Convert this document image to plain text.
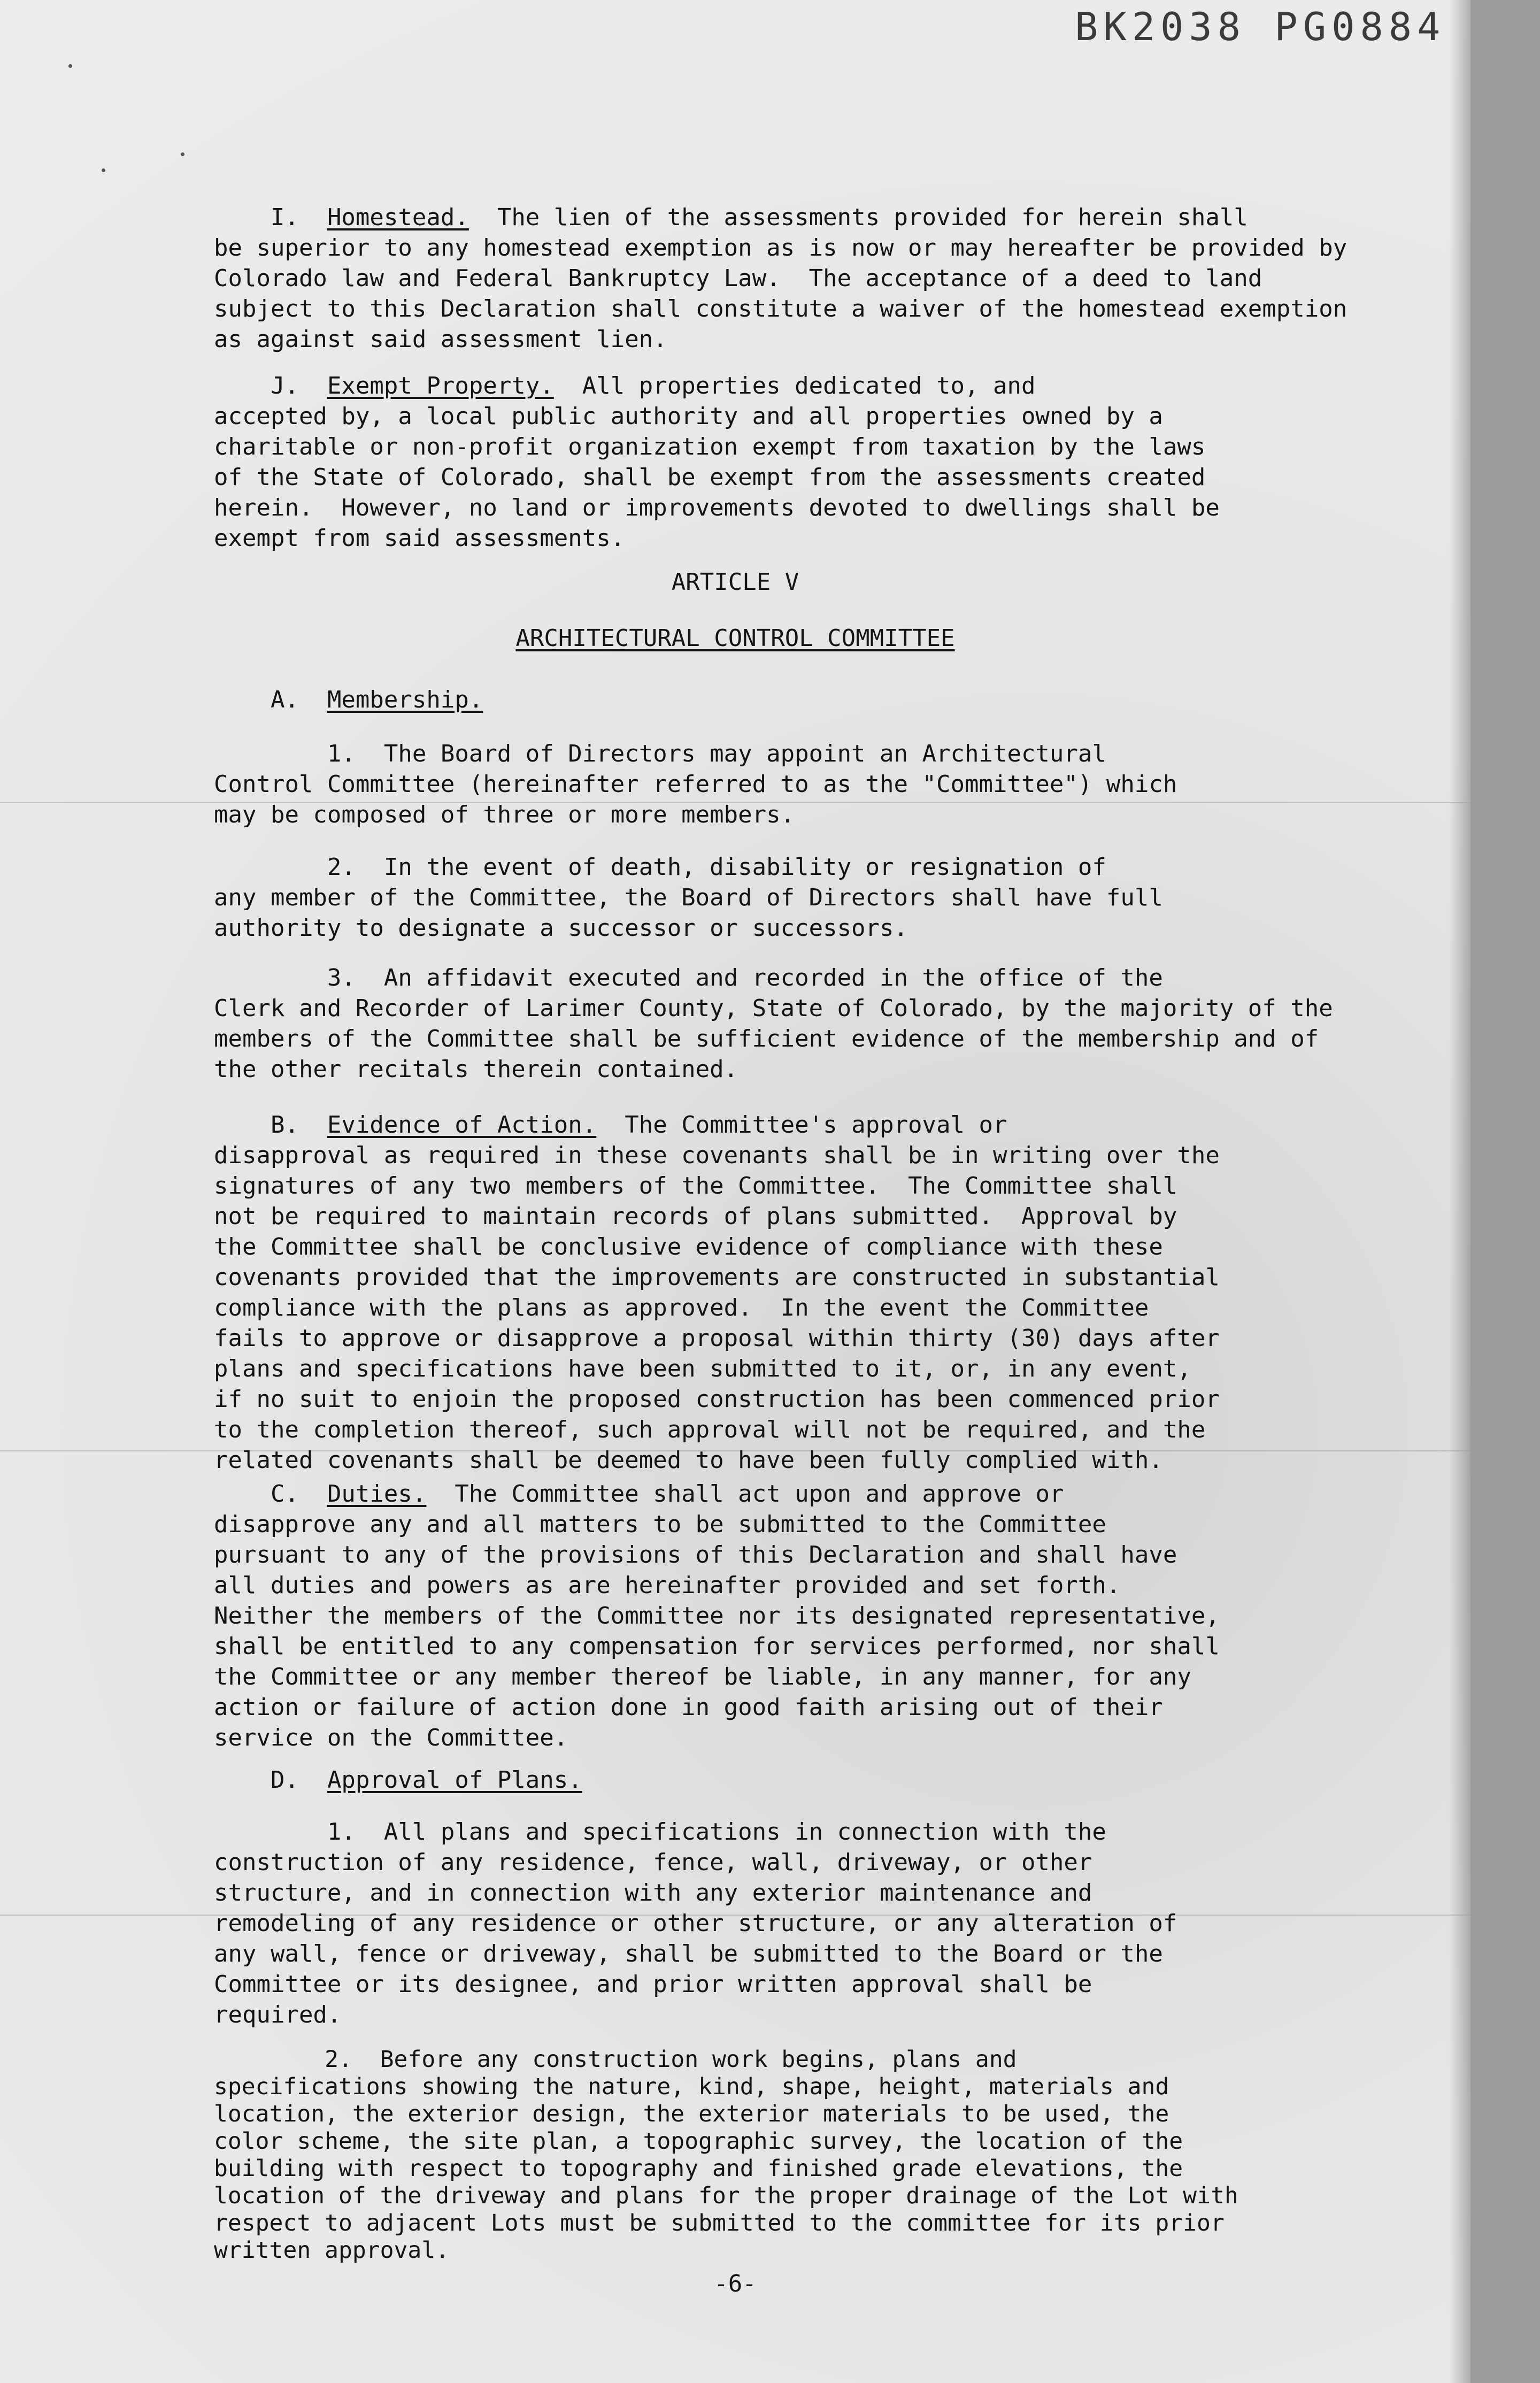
BK2038 PG0884
I. Homestead. The lien of the assessments provided for herein shall
be superior to any homestead exemption as is now or may hereafter be provided by
Colorado law and Federal Bankruptcy Law.  The acceptance of a deed to land
subject to this Declaration shall constitute a waiver of the homestead exemption
as against said assessment lien.
J. Exempt Property. All properties dedicated to, and
accepted by, a local public authority and all properties owned by a
charitable or non-profit organization exempt from taxation by the laws
of the State of Colorado, shall be exempt from the assessments created
herein.  However, no land or improvements devoted to dwellings shall be
exempt from said assessments.
ARTICLE V
ARCHITECTURAL CONTROL COMMITTEE
A. Membership.
1.  The Board of Directors may appoint an Architectural
Control Committee (hereinafter referred to as the "Committee") which
may be composed of three or more members.
2.  In the event of death, disability or resignation of
any member of the Committee, the Board of Directors shall have full
authority to designate a successor or successors.
3.  An affidavit executed and recorded in the office of the
Clerk and Recorder of Larimer County, State of Colorado, by the majority of the
members of the Committee shall be sufficient evidence of the membership and of
the other recitals therein contained.
B. Evidence of Action. The Committee's approval or
disapproval as required in these covenants shall be in writing over the
signatures of any two members of the Committee.  The Committee shall
not be required to maintain records of plans submitted.  Approval by
the Committee shall be conclusive evidence of compliance with these
covenants provided that the improvements are constructed in substantial
compliance with the plans as approved.  In the event the Committee
fails to approve or disapprove a proposal within thirty (30) days after
plans and specifications have been submitted to it, or, in any event,
if no suit to enjoin the proposed construction has been commenced prior
to the completion thereof, such approval will not be required, and the
related covenants shall be deemed to have been fully complied with.
C. Duties. The Committee shall act upon and approve or
disapprove any and all matters to be submitted to the Committee
pursuant to any of the provisions of this Declaration and shall have
all duties and powers as are hereinafter provided and set forth.
Neither the members of the Committee nor its designated representative,
shall be entitled to any compensation for services performed, nor shall
the Committee or any member thereof be liable, in any manner, for any
action or failure of action done in good faith arising out of their
service on the Committee.
D. Approval of Plans.
1.  All plans and specifications in connection with the
construction of any residence, fence, wall, driveway, or other
structure, and in connection with any exterior maintenance and
remodeling of any residence or other structure, or any alteration of
any wall, fence or driveway, shall be submitted to the Board or the
Committee or its designee, and prior written approval shall be
required.
2.  Before any construction work begins, plans and
specifications showing the nature, kind, shape, height, materials and
location, the exterior design, the exterior materials to be used, the
color scheme, the site plan, a topographic survey, the location of the
building with respect to topography and finished grade elevations, the
location of the driveway and plans for the proper drainage of the Lot with
respect to adjacent Lots must be submitted to the committee for its prior
written approval.
-6-
